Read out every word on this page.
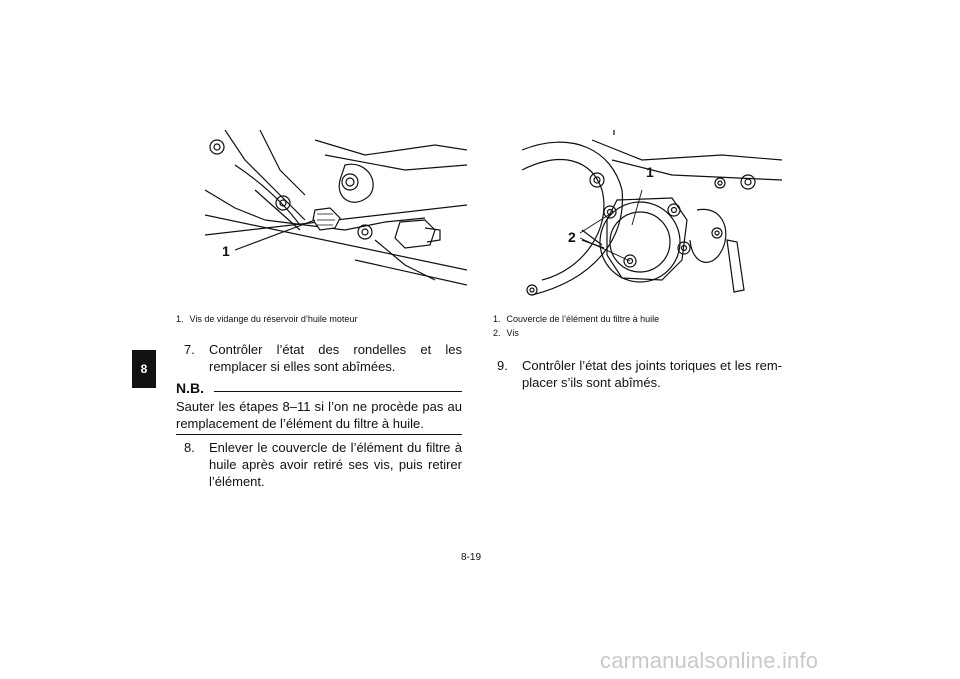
8
1
1
2
1. Vis de vidange du réservoir d’huile moteur	1. Couvercle de l’élément du filtre à huile
2. Vis
7. Contrôler l’état des rondelles et les remplacer si elles sont abîmées.
N.B.
Sauter les étapes 8–11 si l’on ne procède pas au remplacement de l’élément du filtre à huile.
8. Enlever le couvercle de l’élément du filtre à huile après avoir retiré ses vis, puis retirer l’élément.
9. Contrôler l’état des joints toriques et les rem-placer s’ils sont abîmés.
8-19
carmanualsonline.info
